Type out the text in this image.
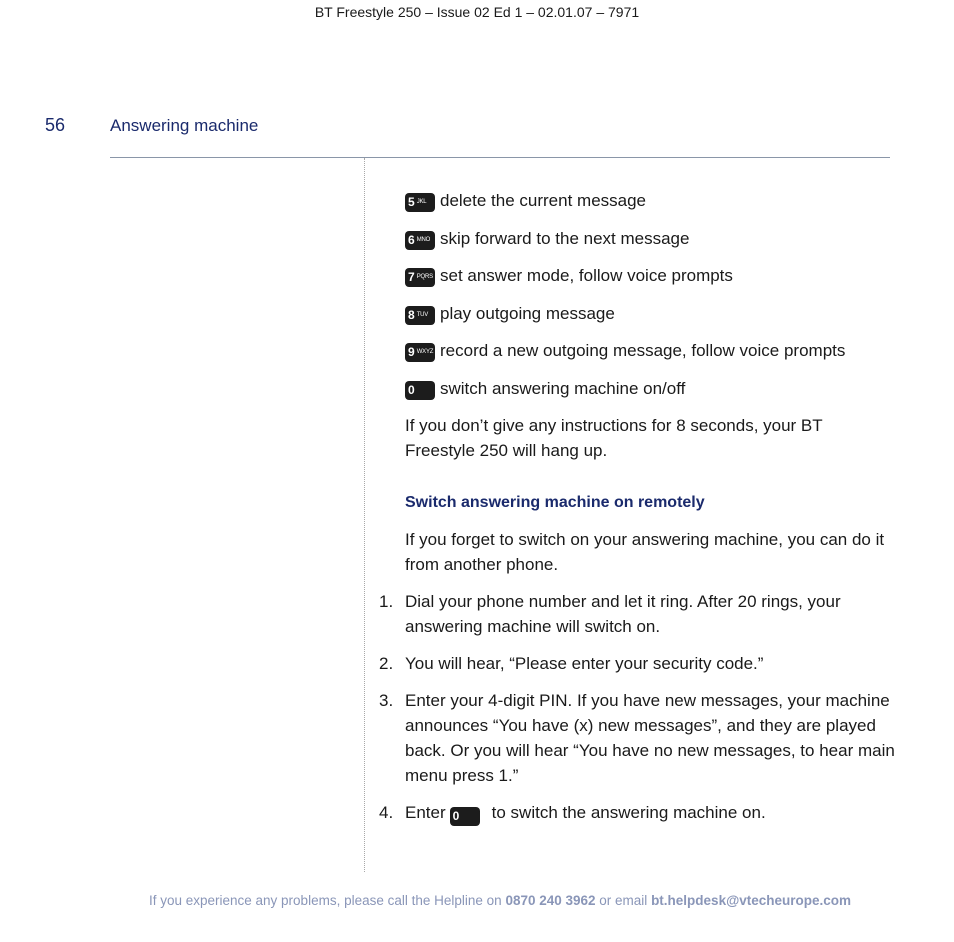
BT Freestyle 250 – Issue 02 Ed 1 – 02.01.07 – 7971
56	Answering machine
5 JKL delete the current message
6 MNO skip forward to the next message
7 PQRS set answer mode, follow voice prompts
8 TUV play outgoing message
9 WXYZ record a new outgoing message, follow voice prompts
0 switch answering machine on/off

If you don’t give any instructions for 8 seconds, your BT Freestyle 250 will hang up.

Switch answering machine on remotely

If you forget to switch on your answering machine, you can do it from another phone.

1. Dial your phone number and let it ring. After 20 rings, your answering machine will switch on.
2. You will hear, “Please enter your security code.”
3. Enter your 4-digit PIN. If you have new messages, your machine announces “You have (x) new messages”, and they are played back. Or you will hear “You have no new messages, to hear main menu press 1.”
4. Enter 0 to switch the answering machine on.
If you experience any problems, please call the Helpline on 0870 240 3962 or email bt.helpdesk@vtecheurope.com
